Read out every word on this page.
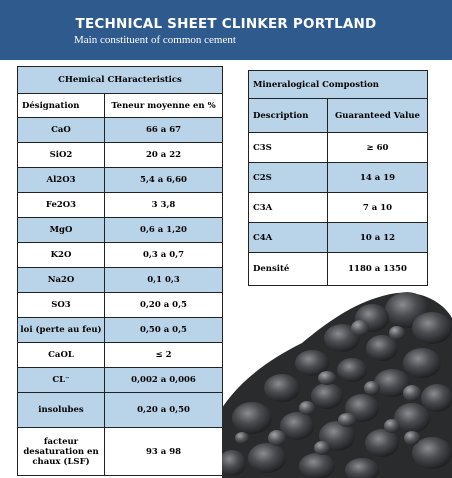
TECHNICAL SHEET CLINKER PORTLAND
Main constituent of common cement
CHemical CHaracteristics	
Désignation	Teneur moyenne en %
CaO	66 a 67
SiO2	20 a 22
Al2O3	5,4 a 6,60
Fe2O3	3 3,8
MgO	0,6 a 1,20
K2O	0,3 a 0,7
Na2O	0,1 0,3
SO3	0,20 a 0,5
loi (perte au feu)	0,50 a 0,5
CaOL	≤ 2
CL⁻	0,002 a 0,006
insolubes	0,20 a 0,50
facteur desaturation en chaux (LSF)	93 a 98
Mineralogical Compostion	
Description	Guaranteed Value
C3S	≥ 60
C2S	14 a 19
C3A	7 a 10
C4A	10 a 12
Densité	1180 a 1350
